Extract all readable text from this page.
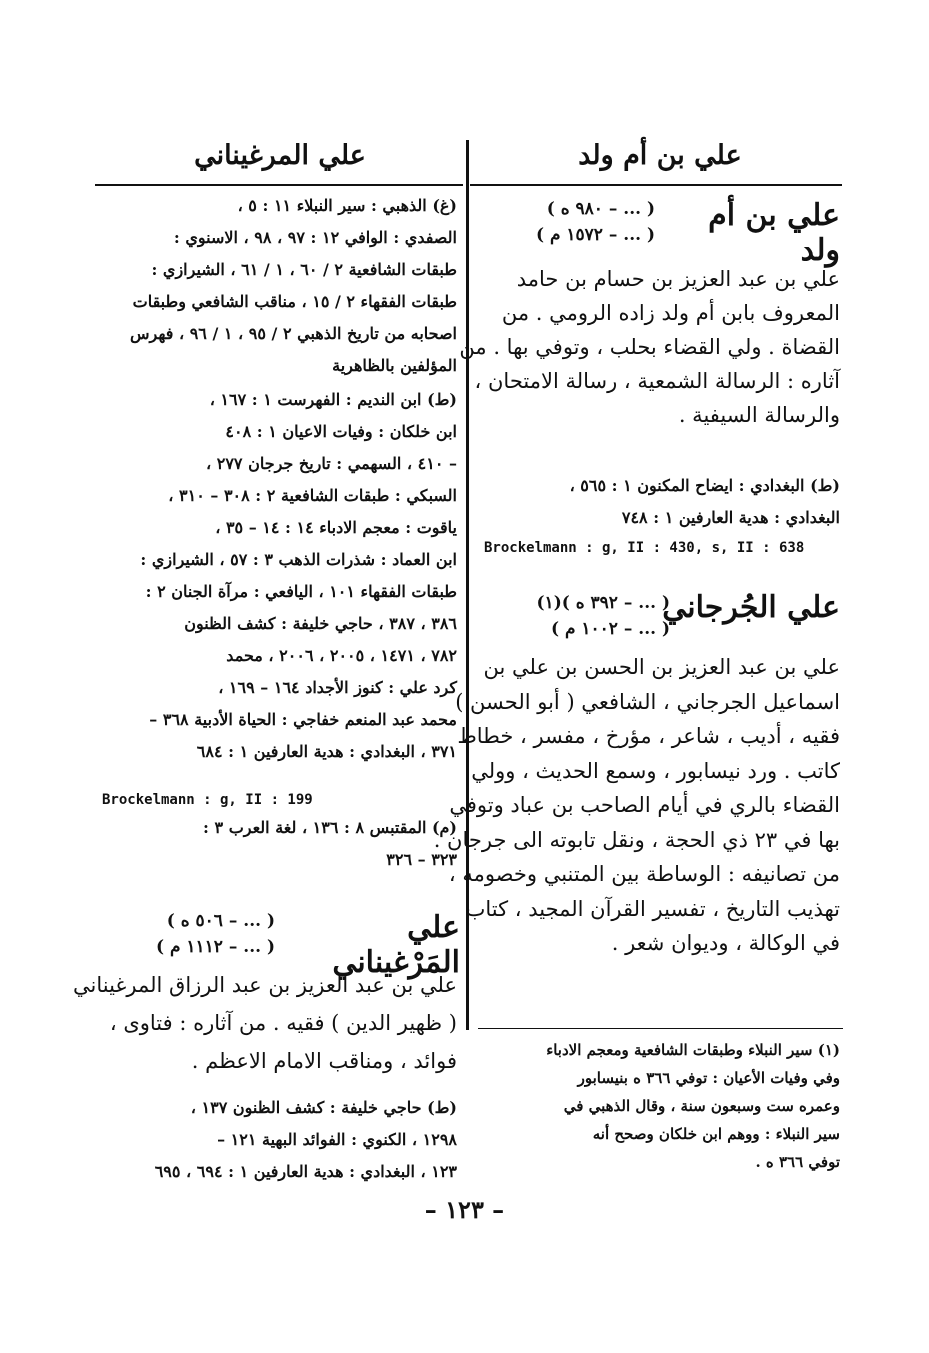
علي بن أم ولد
علي المرغيناني
علي بن أم ولد
( ... – ٩٨٠ ه )
( ... – ١٥٧٢ م )
علي بن عبد العزيز بن حسام بن حامد
المعروف بابن أم ولد زاده الرومي . من
القضاة . ولي القضاء بحلب ، وتوفي بها . من
آثاره : الرسالة الشمعية ، رسالة الامتحان ،
والرسالة السيفية .
(ط) البغدادي : ايضاح المكنون ١ : ٥٦٥ ،
البغدادي : هدية العارفين ١ : ٧٤٨
Brockelmann : g, II : 430, s, II : 638
علي الجُرجاني
( ... – ٣٩٢ ه )(١)
( ... – ١٠٠٢ م )
علي بن عبد العزيز بن الحسن بن علي بن
اسماعيل الجرجاني ، الشافعي ( أبو الحسن )
فقيه ، أديب ، شاعر ، مؤرخ ، مفسر ، خطاط
كاتب . ورد نيسابور ، وسمع الحديث ، وولي
القضاء بالري في أيام الصاحب بن عباد وتوفي
بها في ٢٣ ذي الحجة ، ونقل تابوته الى جرجان .
من تصانيفه : الوساطة بين المتنبي وخصومه ،
تهذيب التاريخ ، تفسير القرآن المجيد ، كتاب
في الوكالة ، وديوان شعر .
(١) سير النبلاء وطبقات الشافعية ومعجم الادباء
وفي وفيات الأعيان : توفي ٣٦٦ ه بنيسابور
وعمره ست وسبعون سنة ، وقال الذهبي في
سير النبلاء : ووهم ابن خلكان وصحح أنه
توفي ٣٦٦ ه .
(غ) الذهبي : سير النبلاء ١١ : ٥ ،
الصفدي : الوافي ١٢ : ٩٧ ، ٩٨ ، الاسنوي :
طبقات الشافعية ٢ / ٦٠ ، ١ / ٦١ ، الشيرازي :
طبقات الفقهاء ٢ / ١٥ ، مناقب الشافعي وطبقات
اصحابه من تاريخ الذهبي ٢ / ٩٥ ، ١ / ٩٦ ، فهرس
المؤلفين بالظاهرية
(ط) ابن النديم : الفهرست ١ : ١٦٧ ،
ابن خلكان : وفيات الاعيان ١ : ٤٠٨
– ٤١٠ ، السهمي : تاريخ جرجان ٢٧٧ ،
السبكي : طبقات الشافعية ٢ : ٣٠٨ – ٣١٠ ،
ياقوت : معجم الادباء ١٤ : ١٤ – ٣٥ ،
ابن العماد : شذرات الذهب ٣ : ٥٧ ، الشيرازي :
طبقات الفقهاء ١٠١ ، اليافعي : مرآة الجنان ٢ :
٣٨٦ ، ٣٨٧ ، حاجي خليفة : كشف الظنون
٧٨٢ ، ١٤٧١ ، ٢٠٠٥ ، ٢٠٠٦ ، محمد
كرد علي : كنوز الأجداد ١٦٤ – ١٦٩ ،
محمد عبد المنعم خفاجي : الحياة الأدبية ٣٦٨ –
٣٧١ ، البغدادي : هدية العارفين ١ : ٦٨٤
Brockelmann : g, II : 199
(م) المقتبس ٨ : ١٣٦ ، لغة العرب ٣ :
٣٢٣ – ٣٢٦
علي المَرْغيناني
( ... – ٥٠٦ ه )
( ... – ١١١٢ م )
علي بن عبد العزيز بن عبد الرزاق المرغيناني
( ظهير الدين ) فقيه . من آثاره : فتاوى ،
فوائد ، ومناقب الامام الاعظم .
(ط) حاجي خليفة : كشف الظنون ١٣٧ ،
١٢٩٨ ، الكنوي : الفوائد البهية ١٢١ –
١٢٣ ، البغدادي : هدية العارفين ١ : ٦٩٤ ، ٦٩٥
– ١٢٣ –
